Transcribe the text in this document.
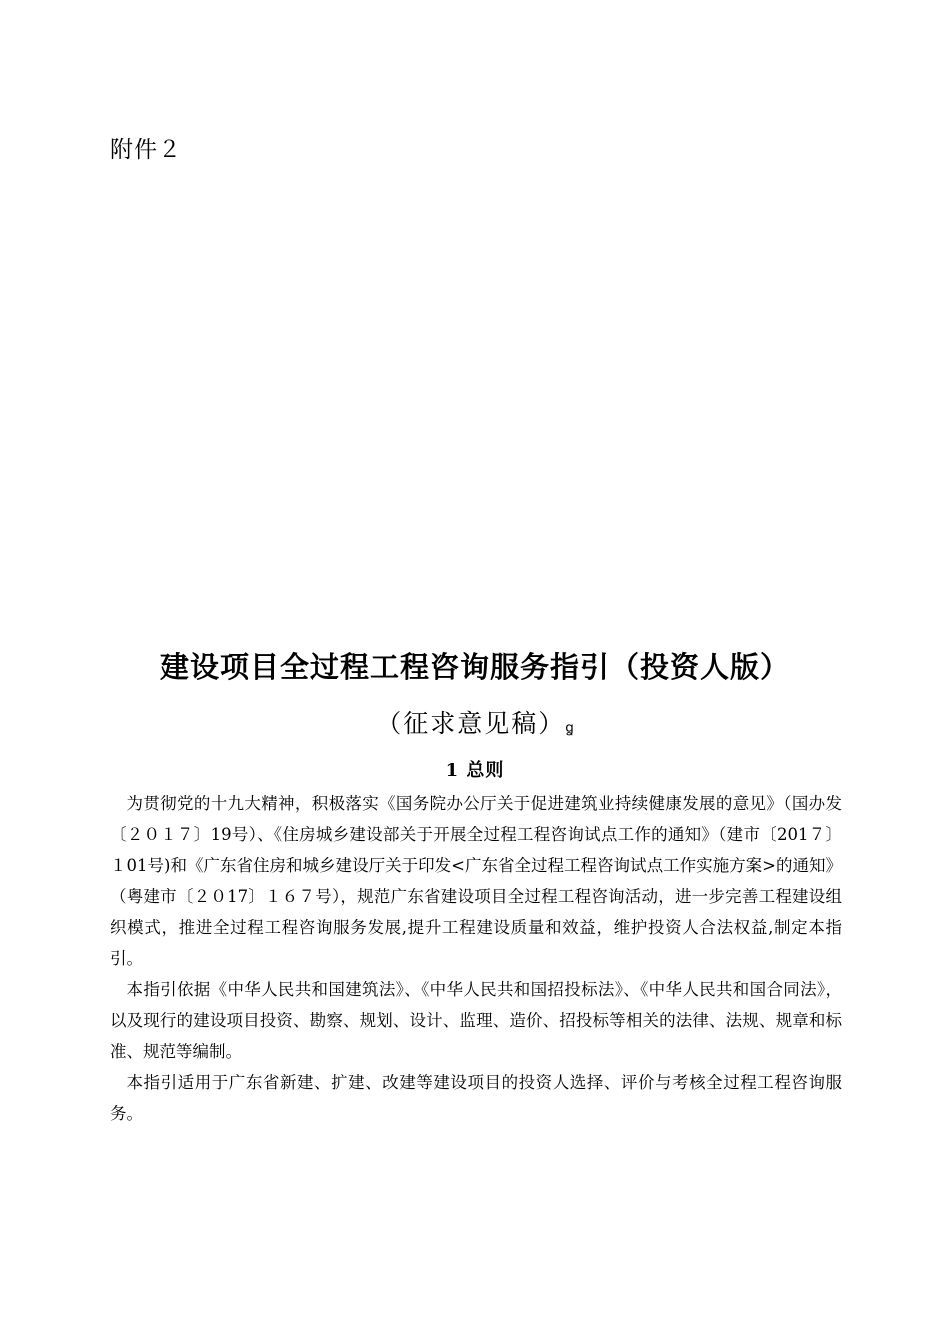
附件２
建设项目全过程工程咨询服务指引（投资人版）
（征求意见稿）ꬶ
1 总则

为贯彻党的十九大精神，积极落实《国务院办公厅关于促进建筑业持续健康发展的意见》（国办发〔２０１７〕19号）、《住房城乡建设部关于开展全过程工程咨询试点工作的通知》（建市〔201７〕１01号)和《广东省住房和城乡建设厅关于印发<广东省全过程工程咨询试点工作实施方案>的通知》（粤建市〔２０17〕１６７号），规范广东省建设项目全过程工程咨询活动，进一步完善工程建设组织模式，推进全过程工程咨询服务发展,提升工程建设质量和效益，维护投资人合法权益,制定本指引。

本指引依据《中华人民共和国建筑法》、《中华人民共和国招投标法》、《中华人民共和国合同法》，以及现行的建设项目投资、勘察、规划、设计、监理、造价、招投标等相关的法律、法规、规章和标准、规范等编制。

本指引适用于广东省新建、扩建、改建等建设项目的投资人选择、评价与考核全过程工程咨询服务。
